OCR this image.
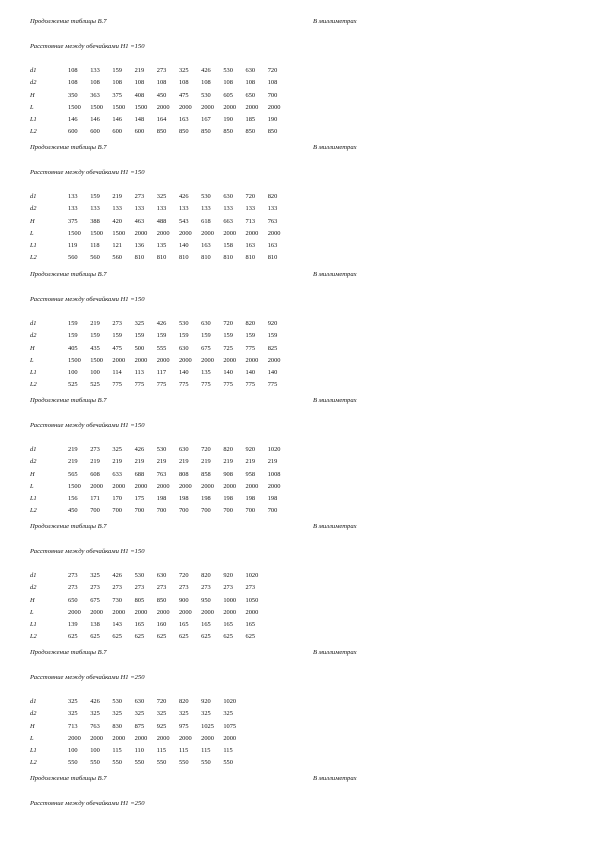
Продолжение таблицы В.7	В миллиметрах
Расстояние между обечайками H1 =150
d1	108	133	159	219	273	325	426	530	630	720
d2	108	108	108	108	108	108	108	108	108	108
H	350	363	375	408	450	475	530	605	650	700
L	1500	1500	1500	1500	2000	2000	2000	2000	2000	2000
L1	146	146	146	148	164	163	167	190	185	190
L2	600	600	600	600	850	850	850	850	850	850
Продолжение таблицы В.7	В миллиметрах
Расстояние между обечайками H1 =150
d1	133	159	219	273	325	426	530	630	720	820
d2	133	133	133	133	133	133	133	133	133	133
H	375	388	420	463	488	543	618	663	713	763
L	1500	1500	1500	2000	2000	2000	2000	2000	2000	2000
L1	119	118	121	136	135	140	163	158	163	163
L2	560	560	560	810	810	810	810	810	810	810
Продолжение таблицы В.7	В миллиметрах
Расстояние между обечайками H1 =150
d1	159	219	273	325	426	530	630	720	820	920
d2	159	159	159	159	159	159	159	159	159	159
H	405	435	475	500	555	630	675	725	775	825
L	1500	1500	2000	2000	2000	2000	2000	2000	2000	2000
L1	100	100	114	113	117	140	135	140	140	140
L2	525	525	775	775	775	775	775	775	775	775
Продолжение таблицы В.7	В миллиметрах
Расстояние между обечайками H1 =150
d1	219	273	325	426	530	630	720	820	920	1020
d2	219	219	219	219	219	219	219	219	219	219
H	565	608	633	688	763	808	858	908	958	1008
L	1500	2000	2000	2000	2000	2000	2000	2000	2000	2000
L1	156	171	170	175	198	198	198	198	198	198
L2	450	700	700	700	700	700	700	700	700	700
Продолжение таблицы В.7	В миллиметрах
Расстояние между обечайками H1 =150
d1	273	325	426	530	630	720	820	920	1020
d2	273	273	273	273	273	273	273	273	273
H	650	675	730	805	850	900	950	1000	1050
L	2000	2000	2000	2000	2000	2000	2000	2000	2000
L1	139	138	143	165	160	165	165	165	165
L2	625	625	625	625	625	625	625	625	625
Продолжение таблицы В.7	В миллиметрах
Расстояние между обечайками H1 =250
d1	325	426	530	630	720	820	920	1020
d2	325	325	325	325	325	325	325	325
H	713	763	830	875	925	975	1025	1075
L	2000	2000	2000	2000	2000	2000	2000	2000
L1	100	100	115	110	115	115	115	115
L2	550	550	550	550	550	550	550	550
Продолжение таблицы В.7	В миллиметрах
Расстояние между обечайками H1 =250
